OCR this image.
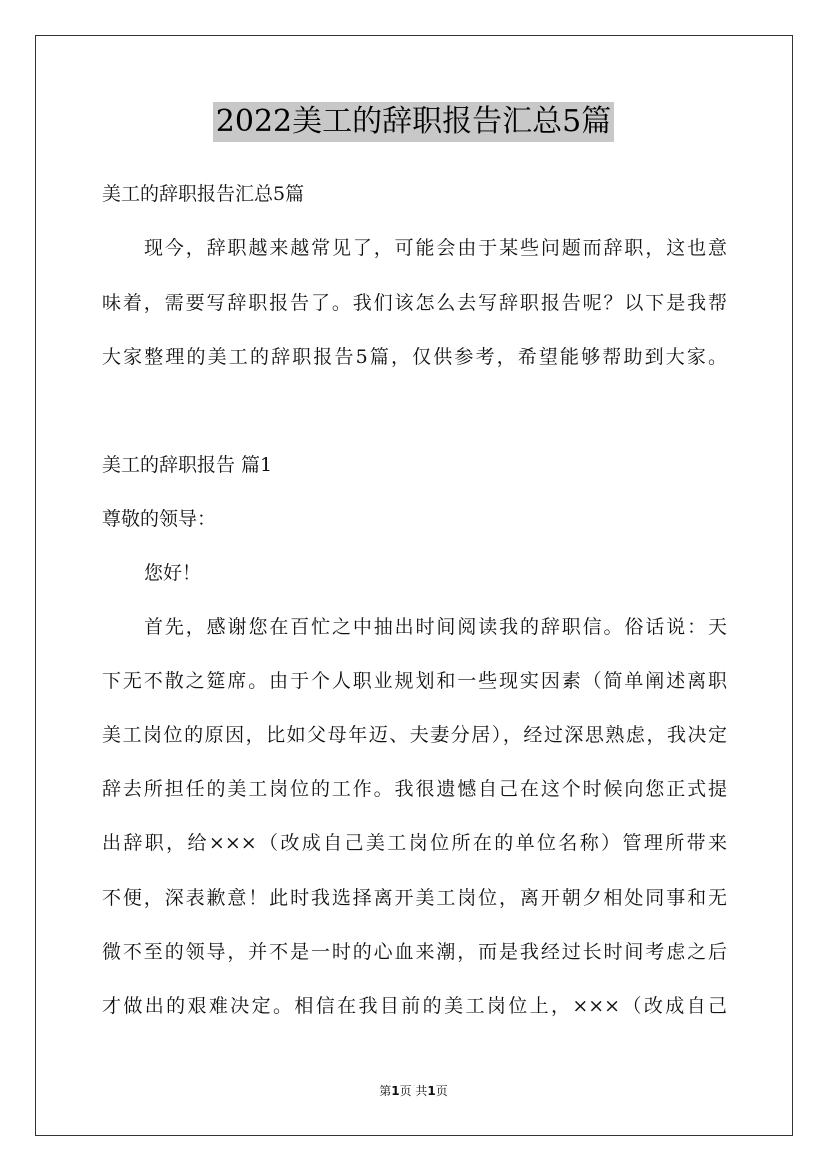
2022美工的辞职报告汇总5篇
美工的辞职报告汇总5篇
现今，辞职越来越常见了，可能会由于某些问题而辞职，这也意
味着，需要写辞职报告了。我们该怎么去写辞职报告呢？以下是我帮
大家整理的美工的辞职报告5篇，仅供参考，希望能够帮助到大家。
美工的辞职报告 篇1
尊敬的领导：
您好！
首先，感谢您在百忙之中抽出时间阅读我的辞职信。俗话说：天
下无不散之筵席。由于个人职业规划和一些现实因素（简单阐述离职
美工岗位的原因，比如父母年迈、夫妻分居），经过深思熟虑，我决定
辞去所担任的美工岗位的工作。我很遗憾自己在这个时候向您正式提
出辞职，给×××（改成自己美工岗位所在的单位名称）管理所带来
不便，深表歉意！此时我选择离开美工岗位，离开朝夕相处同事和无
微不至的领导，并不是一时的心血来潮，而是我经过长时间考虑之后
才做出的艰难决定。相信在我目前的美工岗位上，×××（改成自己
第1页 共1页
